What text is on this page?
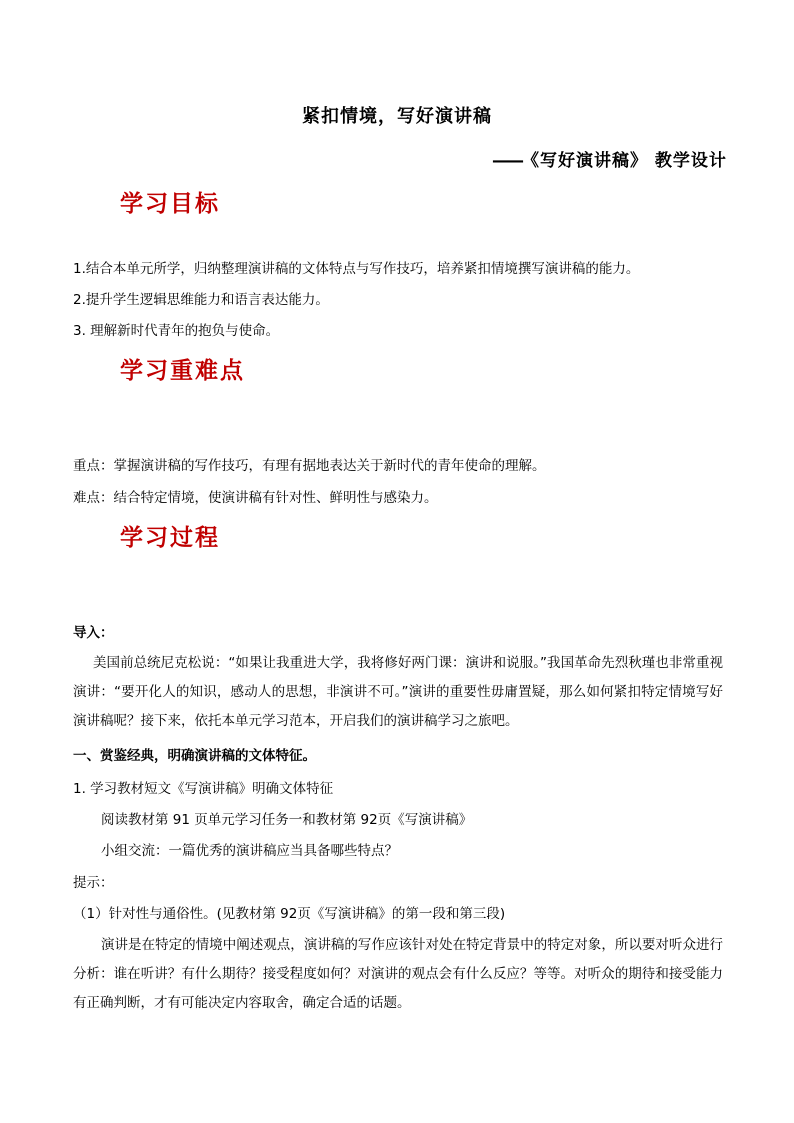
紧扣情境，写好演讲稿
——《写好演讲稿》 教学设计
学习目标
1.结合本单元所学，归纳整理演讲稿的文体特点与写作技巧，培养紧扣情境撰写演讲稿的能力。
2.提升学生逻辑思维能力和语言表达能力。
3. 理解新时代青年的抱负与使命。
学习重难点
重点：掌握演讲稿的写作技巧，有理有据地表达关于新时代的青年使命的理解。
难点：结合特定情境，使演讲稿有针对性、鲜明性与感染力。
学习过程
导入：
美国前总统尼克松说：“如果让我重进大学，我将修好两门课：演讲和说服。”我国革命先烈秋瑾也非常重视演讲：“要开化人的知识，感动人的思想，非演讲不可。”演讲的重要性毋庸置疑，那么如何紧扣特定情境写好演讲稿呢？接下来，依托本单元学习范本，开启我们的演讲稿学习之旅吧。
一、赏鉴经典，明确演讲稿的文体特征。
1. 学习教材短文《写演讲稿》明确文体特征
阅读教材第 91 页单元学习任务一和教材第 92页《写演讲稿》
小组交流：一篇优秀的演讲稿应当具备哪些特点？
提示：
（1）针对性与通俗性。(见教材第 92页《写演讲稿》的第一段和第三段)
演讲是在特定的情境中阐述观点，演讲稿的写作应该针对处在特定背景中的特定对象，所以要对听众进行分析：谁在听讲？有什么期待？接受程度如何？对演讲的观点会有什么反应？等等。对听众的期待和接受能力有正确判断，才有可能决定内容取舍，确定合适的话题。
